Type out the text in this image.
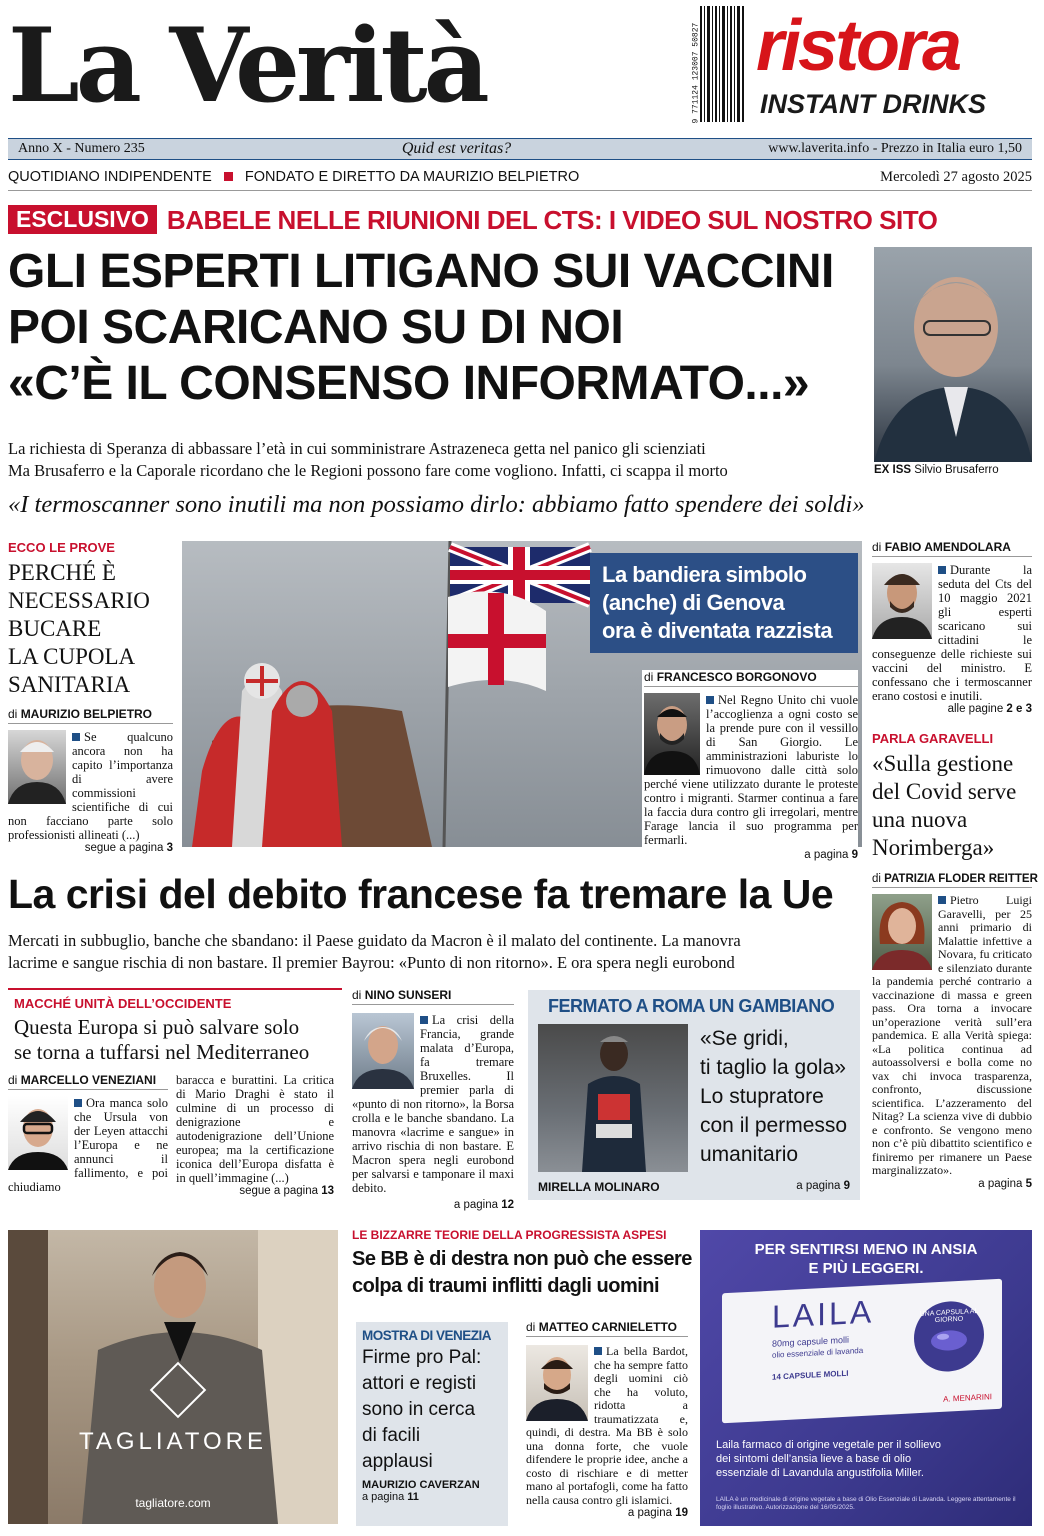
La Verità	9 771124 123007 50827 ristora
INSTANT DRINKS
Anno X - Numero 235	Quid est veritas?	www.laverita.info - Prezzo in Italia euro 1,50
QUOTIDIANO INDIPENDENTE FONDATO E DIRETTO DA MAURIZIO BELPIETRO	Mercoledì 27 agosto 2025
ESCLUSIVO BABELE NELLE RIUNIONI DEL CTS: I VIDEO SUL NOSTRO SITO
GLI ESPERTI LITIGANO SUI VACCINI
POI SCARICANO SU DI NOI
«C’È IL CONSENSO INFORMATO...»
EX ISS Silvio Brusaferro
La richiesta di Speranza di abbassare l’età in cui somministrare Astrazeneca getta nel panico gli scienziati
Ma Brusaferro e la Caporale ricordano che le Regioni possono fare come vogliono. Infatti, ci scappa il morto
«I termoscanner sono inutili ma non possiamo dirlo: abbiamo fatto spendere dei soldi»
ECCO LE PROVE
PERCHÉ È
NECESSARIO
BUCARE
LA CUPOLA
SANITARIA
di MAURIZIO BELPIETRO

Se qualcuno ancora non ha capito l’importanza di avere commissioni scientifiche di cui non facciano parte solo professionisti allineati (...)

segue a pagina 3
La bandiera simbolo
(anche) di Genova
ora è diventata razzista
di FRANCESCO BORGONOVO

Nel Regno Unito chi vuole l’accoglienza a ogni costo se la prende pure con il vessillo di San Giorgio. Le amministrazioni laburiste lo rimuovono dalle città solo perché viene utilizzato durante le proteste contro i migranti. Starmer continua a fare la faccia dura contro gli irregolari, mentre Farage lancia il suo programma per fermarli.

a pagina 9
di FABIO AMENDOLARA

Durante la seduta del Cts del 10 maggio 2021 gli esperti scaricano sui cittadini le conseguenze delle richieste sui vaccini del ministro. E confessano che i termoscanner erano costosi e inutili.

alle pagine 2 e 3
PARLA GARAVELLI
«Sulla gestione
del Covid serve
una nuova
Norimberga»
di PATRIZIA FLODER REITTER

Pietro Luigi Garavelli, per 25 anni primario di Malattie infettive a Novara, fu criticato e silenziato durante la pandemia perché contrario a vaccinazione di massa e green pass. Ora torna a invocare un’operazione verità sull’era pandemica. E alla Verità spiega: «La politica continua ad autoassolversi e bolla come no vax chi invoca trasparenza, confronto, discussione scientifica. L’azzeramento del Nitag? La scienza vive di dubbio e confronto. Se vengono meno non c’è più dibattito scientifico e finiremo per rimanere un Paese marginalizzato».

a pagina 5
La crisi del debito francese fa tremare la Ue
Mercati in subbuglio, banche che sbandano: il Paese guidato da Macron è il malato del continente. La manovra
lacrime e sangue rischia di non bastare. Il premier Bayrou: «Punto di non ritorno». E ora spera negli eurobond
MACCHÉ UNITÀ DELL’OCCIDENTE
Questa Europa si può salvare solo
se torna a tuffarsi nel Mediterraneo
di MARCELLO VENEZIANI

Ora manca solo che Ursula von der Leyen attacchi l’Europa e ne annunci il fallimento, e poi chiudiamo

baracca e burattini. La critica di Mario Draghi è stato il culmine di un processo di denigrazione e autodenigrazione dell’Unione europea; ma la certificazione iconica dell’Europa disfatta è in quell’immagine (...)

segue a pagina 13
di NINO SUNSERI

La crisi della Francia, grande malata d’Europa, fa tremare Bruxelles. Il premier parla di «punto di non ritorno», la Borsa crolla e le banche sbandano. La manovra «lacrime e sangue» in arrivo rischia di non bastare. E Macron spera negli eurobond per salvarsi e tamponare il maxi debito.

a pagina 12
FERMATO A ROMA UN GAMBIANO
«Se gridi,
ti taglio la gola»
Lo stupratore
con il permesso
umanitario
MIRELLA MOLINARO	a pagina 9
TAGLIATORE
tagliatore.com
LE BIZZARRE TEORIE DELLA PROGRESSISTA ASPESI
Se BB è di destra non può che essere
colpa di traumi inflitti dagli uomini
MOSTRA DI VENEZIA
Firme pro Pal:
attori e registi
sono in cerca
di facili
applausi
MAURIZIO CAVERZAN
a pagina 11
di MATTEO CARNIELETTO

La bella Bardot, che ha sempre fatto degli uomini ciò che ha voluto, ridotta a traumatizzata e, quindi, di destra. Ma BB è solo una donna forte, che vuole difendere le proprie idee, anche a costo di rischiare e di metter mano al portafogli, come ha fatto nella causa contro gli islamici.

a pagina 19
PER SENTIRSI MENO IN ANSIA
E PIÙ LEGGERI.
LAILA
80mg capsule molli
olio essenziale di lavanda
14 CAPSULE MOLLI
A. MENARINI
UNA CAPSULA AL GIORNO
Laila farmaco di origine vegetale per il sollievo
dei sintomi dell’ansia lieve a base di olio
essenziale di Lavandula angustifolia Miller.
LAILA è un medicinale di origine vegetale a base di Olio Essenziale di Lavanda. Leggere attentamente il foglio illustrativo. Autorizzazione del 16/05/2025.
